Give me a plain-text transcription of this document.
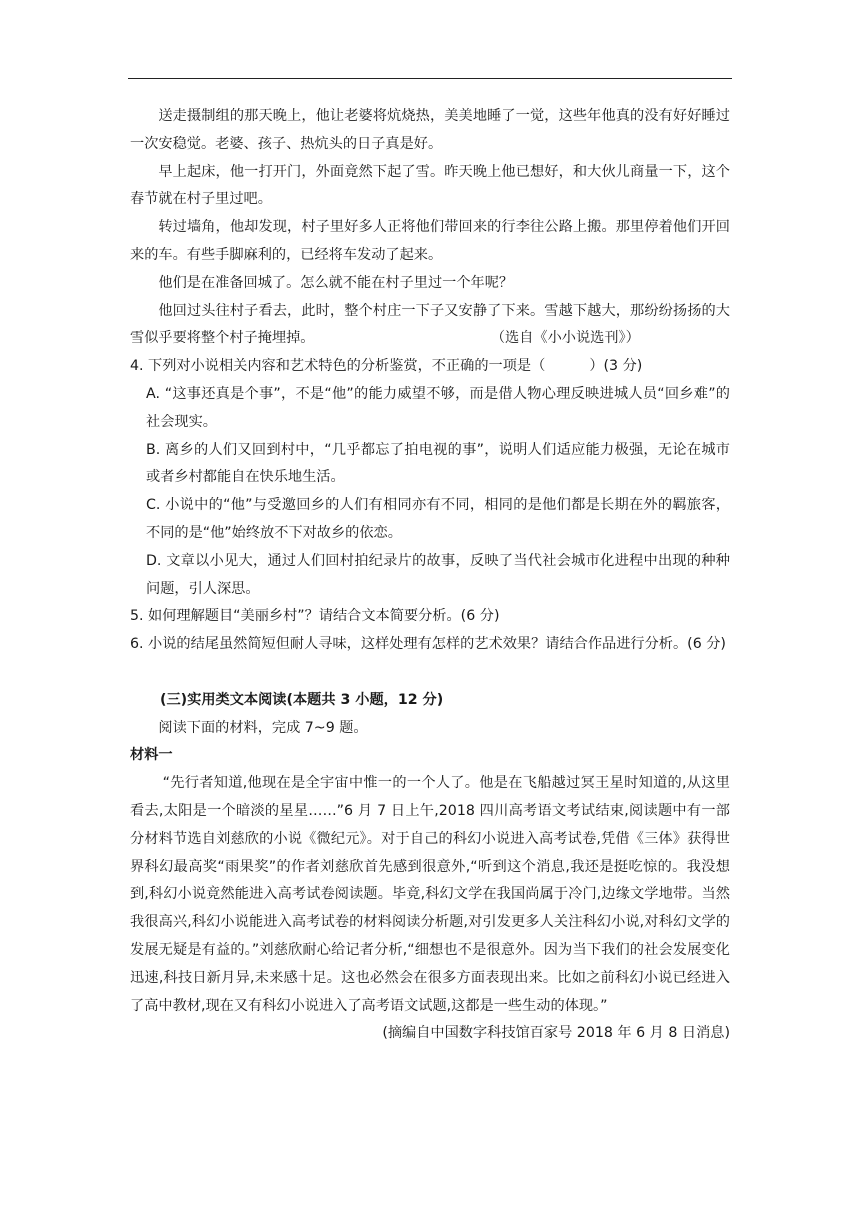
送走摄制组的那天晚上，他让老婆将炕烧热，美美地睡了一觉，这些年他真的没有好好睡过一次安稳觉。老婆、孩子、热炕头的日子真是好。

早上起床，他一打开门，外面竟然下起了雪。昨天晚上他已想好，和大伙儿商量一下，这个春节就在村子里过吧。

转过墙角，他却发现，村子里好多人正将他们带回来的行李往公路上搬。那里停着他们开回来的车。有些手脚麻利的，已经将车发动了起来。

他们是在准备回城了。怎么就不能在村子里过一个年呢？

他回过头往村子看去，此时，整个村庄一下子又安静了下来。雪越下越大，那纷纷扬扬的大雪似乎要将整个村子掩埋掉。	（选自《小小说选刊》）

4. 下列对小说相关内容和艺术特色的分析鉴赏，不正确的一项是（	）(3 分)

A. “这事还真是个事”，不是“他”的能力威望不够，而是借人物心理反映进城人员“回乡难”的社会现实。

B. 离乡的人们又回到村中，“几乎都忘了拍电视的事”，说明人们适应能力极强，无论在城市或者乡村都能自在快乐地生活。

C. 小说中的“他”与受邀回乡的人们有相同亦有不同，相同的是他们都是长期在外的羁旅客，不同的是“他”始终放不下对故乡的依恋。

D. 文章以小见大，通过人们回村拍纪录片的故事，反映了当代社会城市化进程中出现的种种问题，引人深思。

5. 如何理解题目“美丽乡村”？请结合文本简要分析。(6 分)

6. 小说的结尾虽然简短但耐人寻味，这样处理有怎样的艺术效果？请结合作品进行分析。(6 分)

(三)实用类文本阅读(本题共 3 小题，12 分)

阅读下面的材料，完成 7~9 题。

材料一

“先行者知道,他现在是全宇宙中惟一的一个人了。他是在飞船越过冥王星时知道的,从这里看去,太阳是一个暗淡的星星……”6 月 7 日上午,2018 四川高考语文考试结束,阅读题中有一部分材料节选自刘慈欣的小说《微纪元》。对于自己的科幻小说进入高考试卷,凭借《三体》获得世界科幻最高奖“雨果奖”的作者刘慈欣首先感到很意外,“听到这个消息,我还是挺吃惊的。我没想到,科幻小说竟然能进入高考试卷阅读题。毕竟,科幻文学在我国尚属于冷门,边缘文学地带。当然我很高兴,科幻小说能进入高考试卷的材料阅读分析题,对引发更多人关注科幻小说,对科幻文学的发展无疑是有益的。”刘慈欣耐心给记者分析,“细想也不是很意外。因为当下我们的社会发展变化迅速,科技日新月异,未来感十足。这也必然会在很多方面表现出来。比如之前科幻小说已经进入了高中教材,现在又有科幻小说进入了高考语文试题,这都是一些生动的体现。”

(摘编自中国数字科技馆百家号 2018 年 6 月 8 日消息)
